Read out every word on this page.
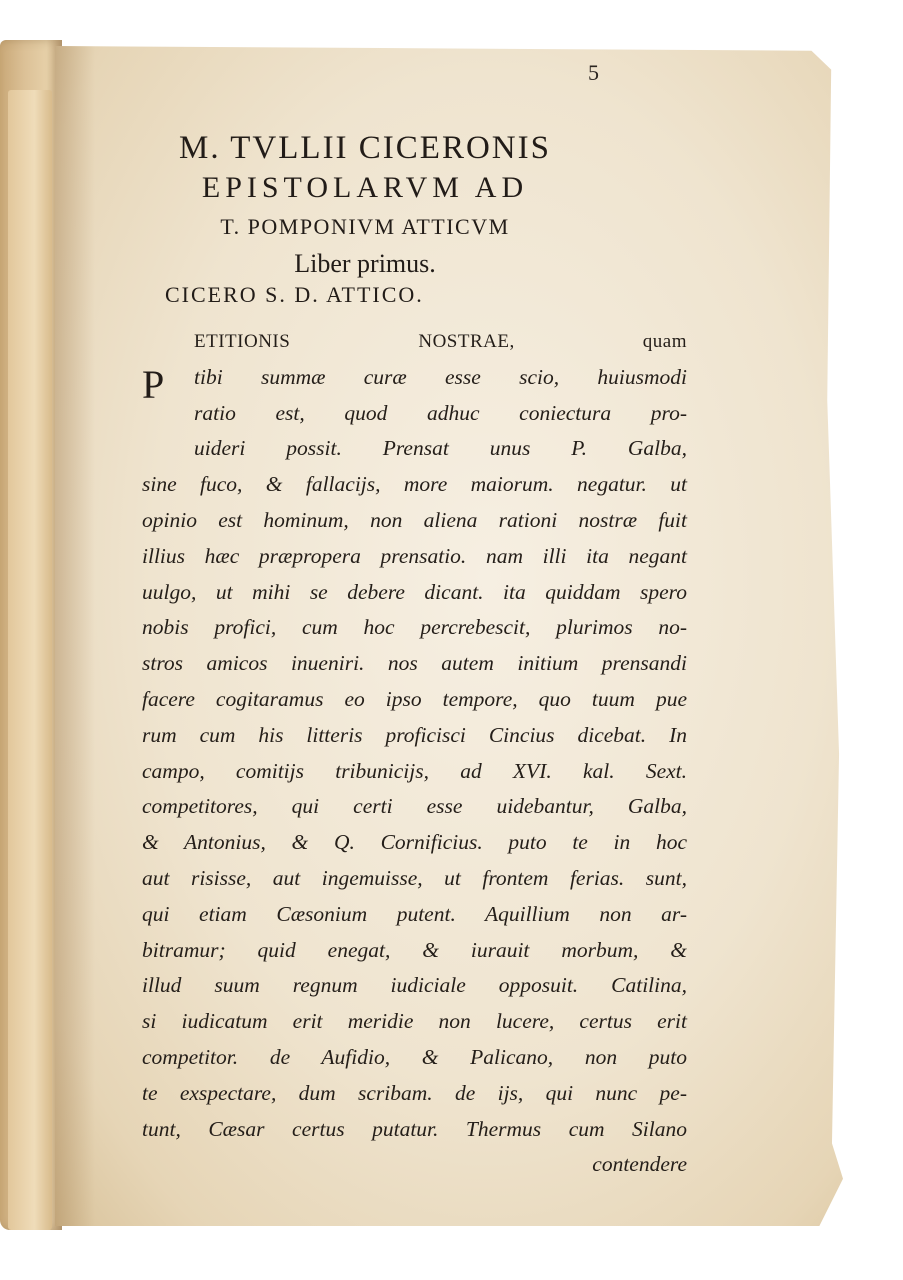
5
M. TVLLII CICERONIS
EPISTOLARVM AD
T. POMPONIVM ATTICVM
Liber primus.
CICERO S. D. ATTICO.
P
ETITIONIS NOSTRAE, quam
tibi summæ curæ esse scio, huiusmodi
ratio est, quod adhuc coniectura pro-
uideri possit. Prensat unus P. Galba,
sine fuco, & fallacijs, more maiorum. negatur. ut
opinio est hominum, non aliena rationi nostræ fuit
illius hæc præpropera prensatio. nam illi ita negant
uulgo, ut mihi se debere dicant. ita quiddam spero
nobis profici, cum hoc percrebescit, plurimos no-
stros amicos inueniri. nos autem initium prensandi
facere cogitaramus eo ipso tempore, quo tuum pue
rum cum his litteris proficisci Cincius dicebat. In
campo, comitijs tribunicijs, ad XVI. kal. Sext.
competitores, qui certi esse uidebantur, Galba,
& Antonius, & Q. Cornificius. puto te in hoc
aut risisse, aut ingemuisse, ut frontem ferias. sunt,
qui etiam Cæsonium putent. Aquillium non ar-
bitramur; quid enegat, & iurauit morbum, &
illud suum regnum iudiciale opposuit. Catilina,
si iudicatum erit meridie non lucere, certus erit
competitor. de Aufidio, & Palicano, non puto
te exspectare, dum scribam. de ijs, qui nunc pe-
tunt, Cæsar certus putatur. Thermus cum Silano
contendere
